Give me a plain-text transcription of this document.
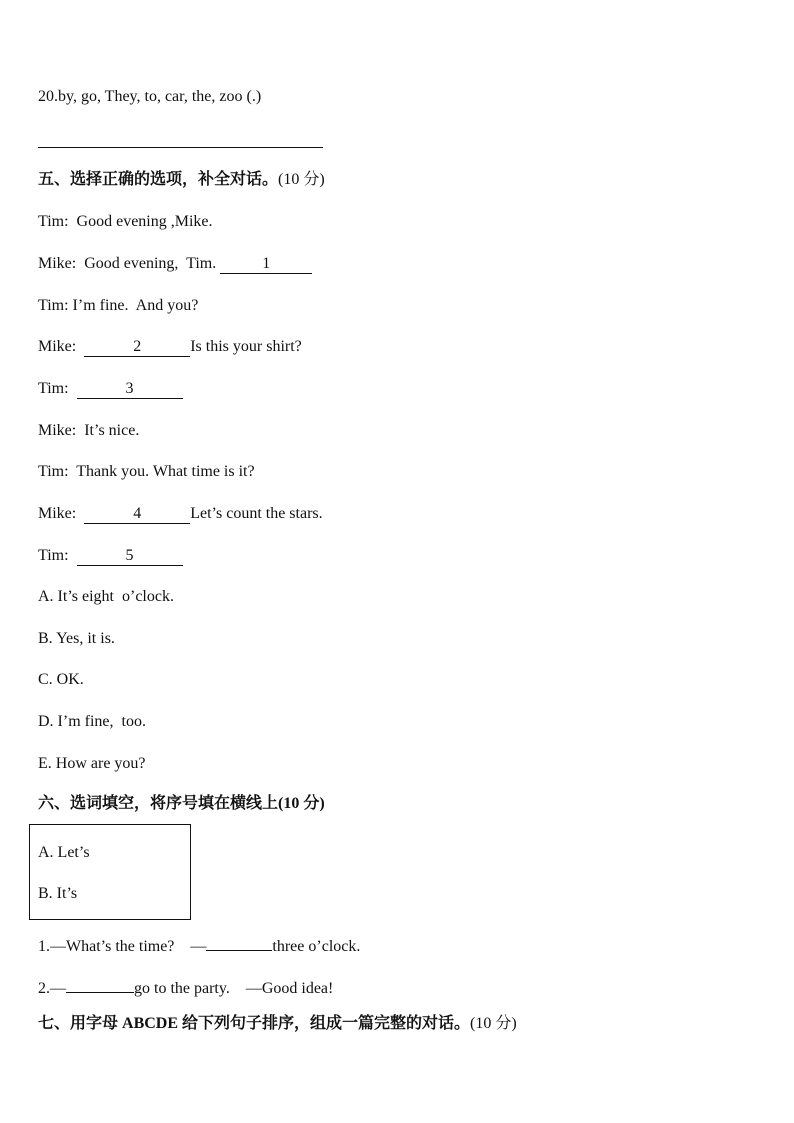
20.by, go, They, to, car, the, zoo (.)
五、选择正确的选项，补全对话。(10 分)
Tim:  Good evening ,Mike.
Mike:  Good evening,  Tim.	1
Tim: I’m fine.  And you?
Mike:	2	Is this your shirt?
Tim:	3
Mike:  It’s nice.
Tim:  Thank you. What time is it?
Mike:	4	Let’s count the stars.
Tim:	5
A. It’s eight  o’clock.
B. Yes, it is.
C. OK.
D. I’m fine,  too.
E. How are you?
六、选词填空，将序号填在横线上(10 分)
A. Let’s
B. It’s
1.—What’s the time?    —	three o’clock.
2.—	go to the party.    —Good idea!
七、用字母 ABCDE 给下列句子排序，组成一篇完整的对话。(10 分)
